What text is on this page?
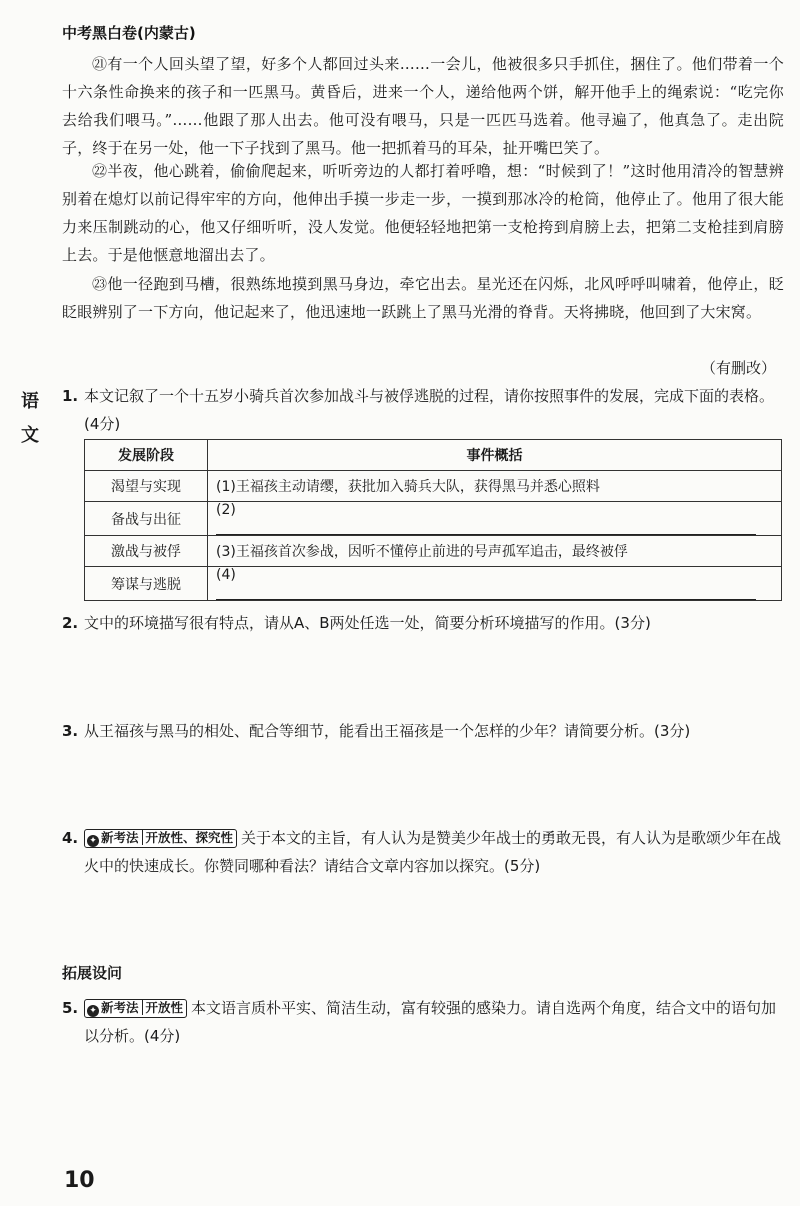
中考黑白卷(内蒙古)
㉑有一个人回头望了望，好多个人都回过头来……一会儿，他被很多只手抓住，捆住了。他们带着一个十六条性命换来的孩子和一匹黑马。黄昏后，进来一个人，递给他两个饼，解开他手上的绳索说：“吃完你去给我们喂马。”……他跟了那人出去。他可没有喂马，只是一匹匹马选着。他寻遍了，他真急了。走出院子，终于在另一处，他一下子找到了黑马。他一把抓着马的耳朵，扯开嘴巴笑了。
㉒半夜，他心跳着，偷偷爬起来，听听旁边的人都打着呼噜，想：“时候到了！”这时他用清冷的智慧辨别着在熄灯以前记得牢牢的方向，他伸出手摸一步走一步，一摸到那冰冷的枪筒，他停止了。他用了很大能力来压制跳动的心，他又仔细听听，没人发觉。他便轻轻地把第一支枪挎到肩膀上去，把第二支枪挂到肩膀上去。于是他惬意地溜出去了。
㉓他一径跑到马槽，很熟练地摸到黑马身边，牵它出去。星光还在闪烁，北风呼呼叫啸着，他停止，眨眨眼辨别了一下方向，他记起来了，他迅速地一跃跳上了黑马光滑的脊背。天将拂晓，他回到了大宋窝。
（有删改）
语
文
1. 本文记叙了一个十五岁小骑兵首次参加战斗与被俘逃脱的过程，请你按照事件的发展，完成下面的表格。(4分)
发展阶段	事件概括
渴望与实现	(1)王福孩主动请缨，获批加入骑兵大队，获得黑马并悉心照料
备战与出征	(2)
激战与被俘	(3)王福孩首次参战，因听不懂停止前进的号声孤军追击，最终被俘
筹谋与逃脱	(4)
2. 文中的环境描写很有特点，请从A、B两处任选一处，简要分析环境描写的作用。(3分)
3. 从王福孩与黑马的相处、配合等细节，能看出王福孩是一个怎样的少年？请简要分析。(3分)
4.	✦ 新考法 开放性、探究性 关于本文的主旨，有人认为是赞美少年战士的勇敢无畏，有人认为是歌颂少年在战火中的快速成长。你赞同哪种看法？请结合文章内容加以探究。(5分)
拓展设问
5.	✦ 新考法 开放性 本文语言质朴平实、简洁生动，富有较强的感染力。请自选两个角度，结合文中的语句加以分析。(4分)
10
